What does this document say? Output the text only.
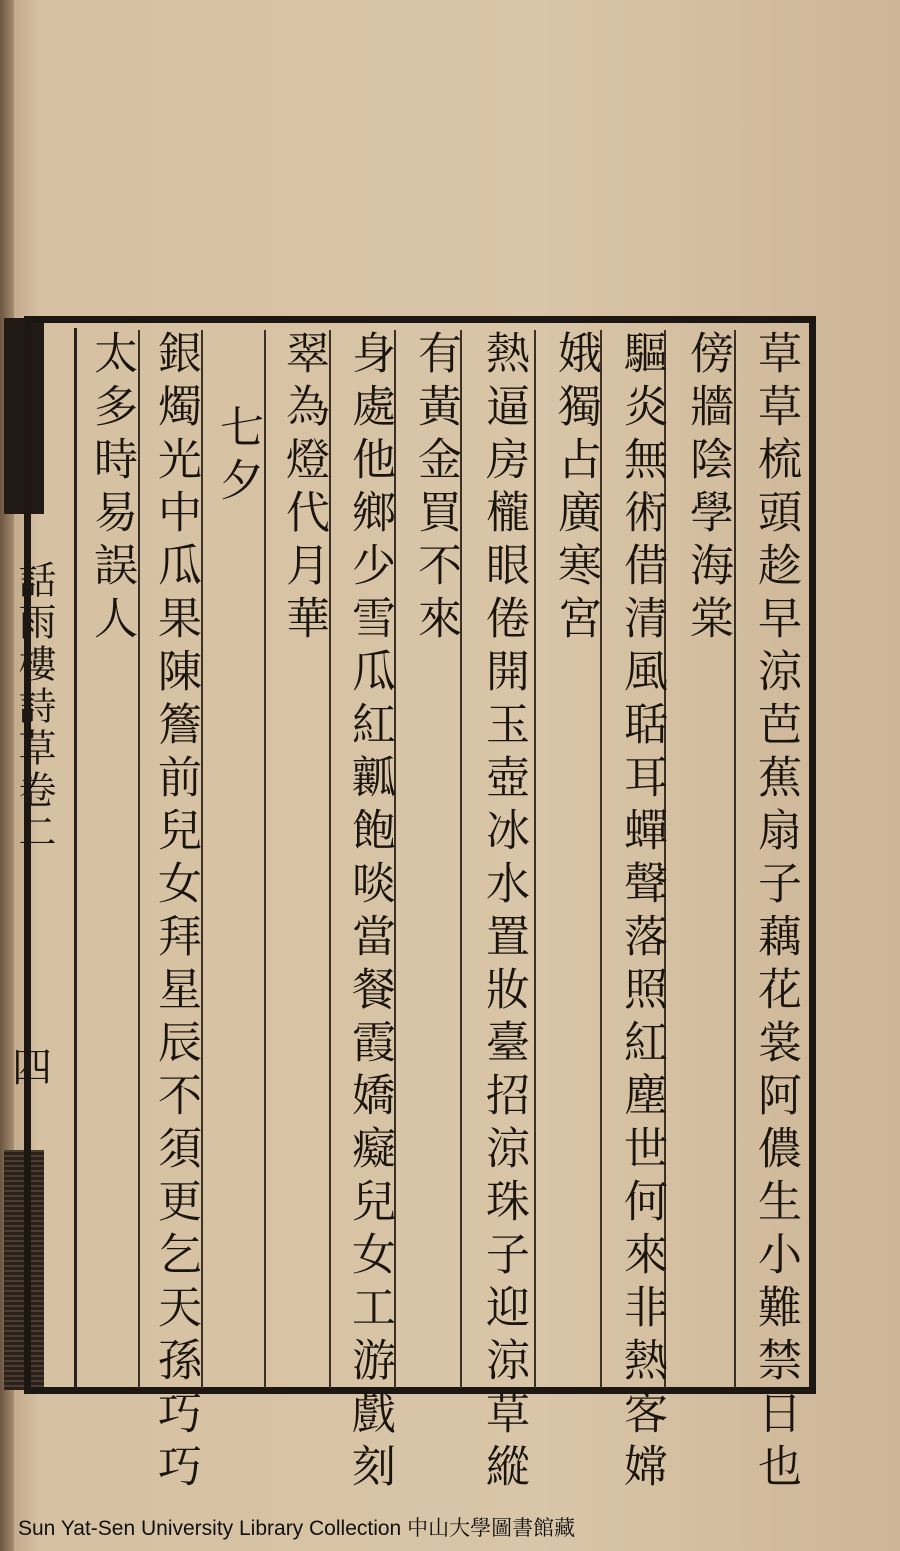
話雨樓詩草卷二
四	草草梳頭趁早涼芭蕉扇子藕花裳阿儂生小難禁日也
傍牆陰學海棠
驅炎無術借清風聒耳蟬聲落照紅塵世何來非熱客嫦
娥獨占廣寒宮
熱逼房櫳眼倦開玉壺冰水置妝臺招涼珠子迎涼草縱
有黃金買不來
身處他鄉少雪瓜紅瓤飽啖當餐霞嬌癡兒女工游戲刻
翠為燈代月華
七夕
銀燭光中瓜果陳簷前兒女拜星辰不須更乞天孫巧巧
太多時易誤人
Sun Yat-Sen University Library Collection 中山大學圖書館藏
